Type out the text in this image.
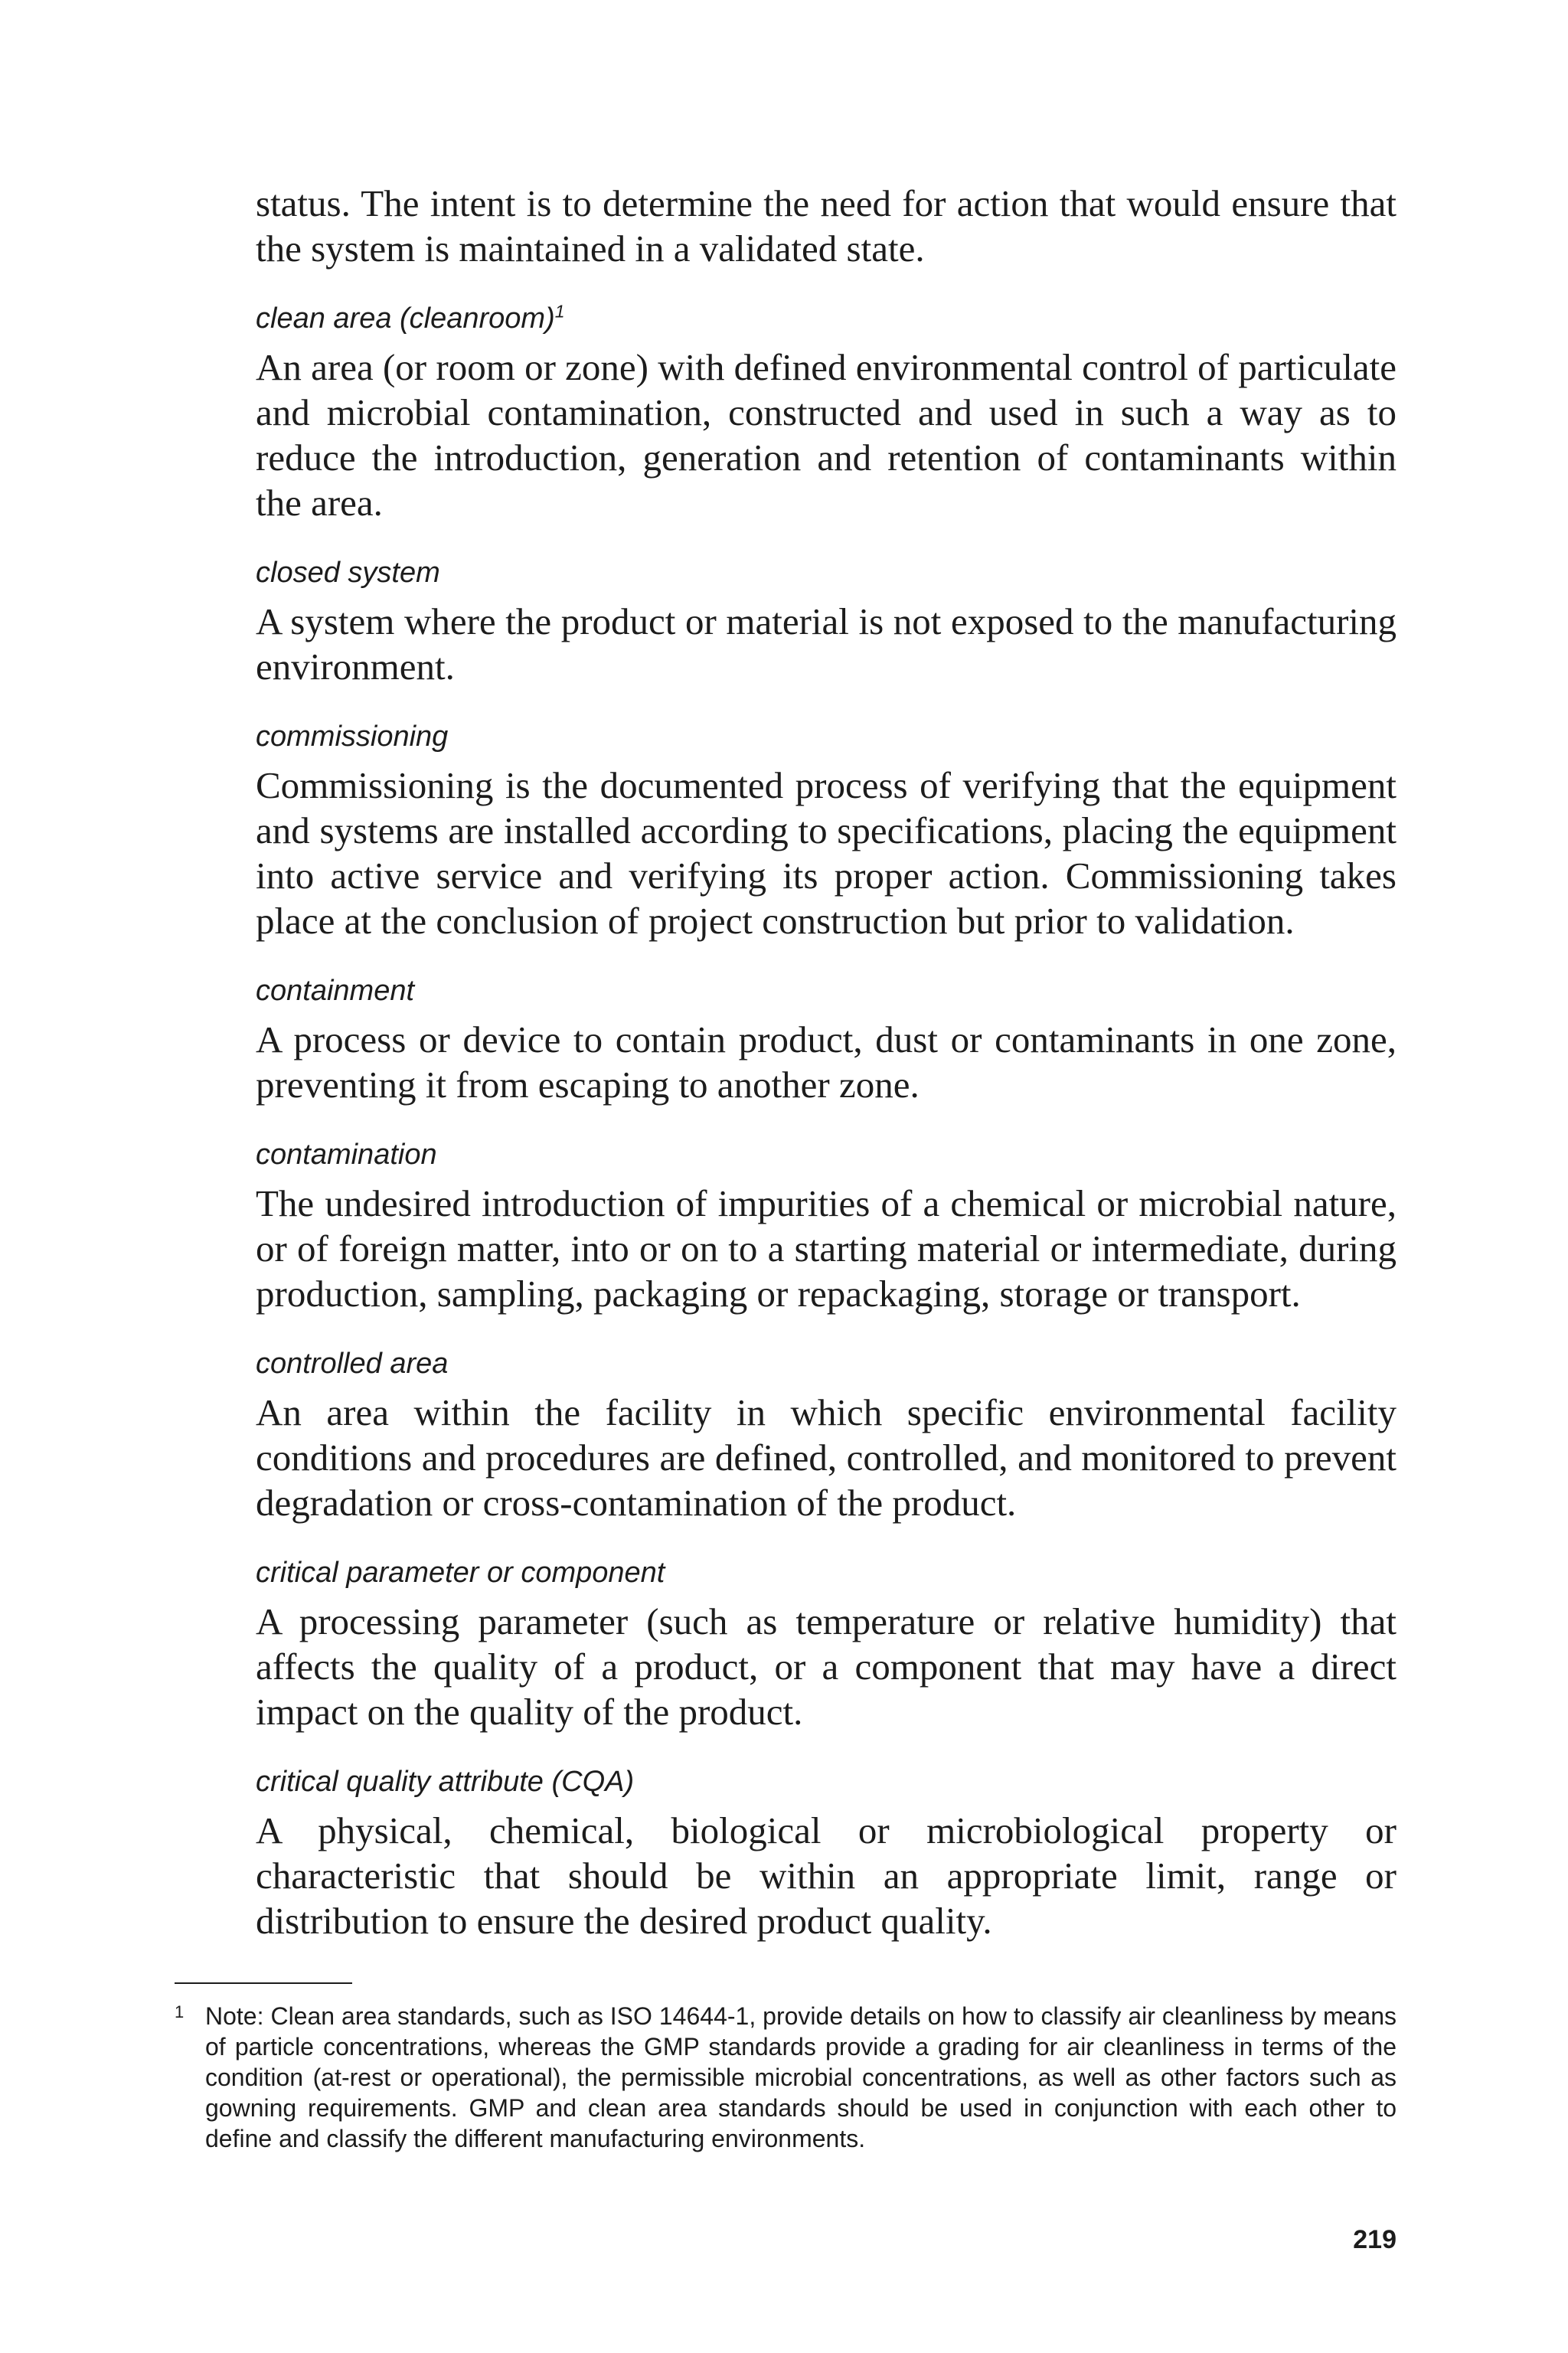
status. The intent is to determine the need for action that would ensure that the system is maintained in a validated state.

clean area (cleanroom)$^1$

An area (or room or zone) with defined environmental control of particulate and microbial contamination, constructed and used in such a way as to reduce the introduction, generation and retention of contaminants within the area.

closed system

A system where the product or material is not exposed to the manufacturing environment.

commissioning

Commissioning is the documented process of verifying that the equipment and systems are installed according to specifications, placing the equipment into active service and verifying its proper action. Commissioning takes place at the conclusion of project construction but prior to validation.

containment

A process or device to contain product, dust or contaminants in one zone, preventing it from escaping to another zone.

contamination

The undesired introduction of impurities of a chemical or microbial nature, or of foreign matter, into or on to a starting material or intermediate, during production, sampling, packaging or repackaging, storage or transport.

controlled area

An area within the facility in which specific environmental facility conditions and procedures are defined, controlled, and monitored to prevent degradation or cross-contamination of the product.

critical parameter or component

A processing parameter (such as temperature or relative humidity) that affects the quality of a product, or a component that may have a direct impact on the quality of the product.

critical quality attribute (CQA)

A physical, chemical, biological or microbiological property or characteristic that should be within an appropriate limit, range or distribution to ensure the desired product quality.

1 Note: Clean area standards, such as ISO 14644-1, provide details on how to classify air cleanliness by means of particle concentrations, whereas the GMP standards provide a grading for air cleanliness in terms of the condition (at-rest or operational), the permissible microbial concentrations, as well as other factors such as gowning requirements. GMP and clean area standards should be used in conjunction with each other to define and classify the different manufacturing environments.
219
